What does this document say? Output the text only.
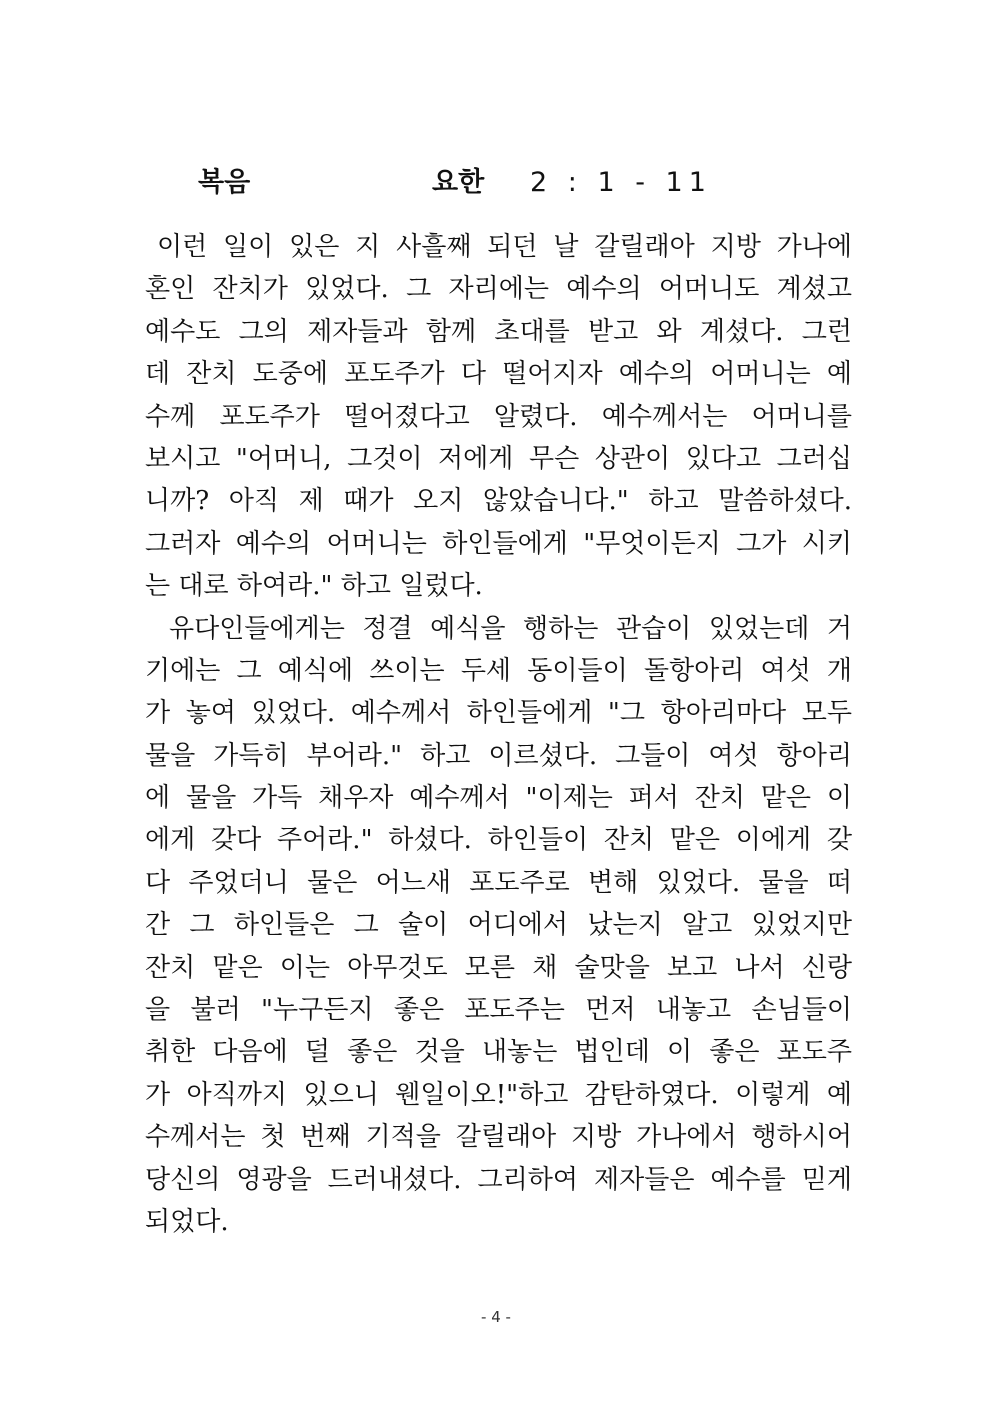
복음	요한 2 : 1 - 11
이런 일이 있은 지 사흘째 되던 날 갈릴래아 지방 가나에
혼인 잔치가 있었다. 그 자리에는 예수의 어머니도 계셨고
예수도 그의 제자들과 함께 초대를 받고 와 계셨다. 그런
데 잔치 도중에 포도주가 다 떨어지자 예수의 어머니는 예
수께 포도주가 떨어졌다고 알렸다. 예수께서는 어머니를
보시고 "어머니, 그것이 저에게 무슨 상관이 있다고 그러십
니까? 아직 제 때가 오지 않았습니다." 하고 말씀하셨다.
그러자 예수의 어머니는 하인들에게 "무엇이든지 그가 시키
는 대로 하여라." 하고 일렀다.
유다인들에게는 정결 예식을 행하는 관습이 있었는데 거
기에는 그 예식에 쓰이는 두세 동이들이 돌항아리 여섯 개
가 놓여 있었다. 예수께서 하인들에게 "그 항아리마다 모두
물을 가득히 부어라." 하고 이르셨다. 그들이 여섯 항아리
에 물을 가득 채우자 예수께서 "이제는 퍼서 잔치 맡은 이
에게 갖다 주어라." 하셨다. 하인들이 잔치 맡은 이에게 갖
다 주었더니 물은 어느새 포도주로 변해 있었다. 물을 떠
간 그 하인들은 그 술이 어디에서 났는지 알고 있었지만
잔치 맡은 이는 아무것도 모른 채 술맛을 보고 나서 신랑
을 불러 "누구든지 좋은 포도주는 먼저 내놓고 손님들이
취한 다음에 덜 좋은 것을 내놓는 법인데 이 좋은 포도주
가 아직까지 있으니 웬일이오!"하고 감탄하였다. 이렇게 예
수께서는 첫 번째 기적을 갈릴래아 지방 가나에서 행하시어
당신의 영광을 드러내셨다. 그리하여 제자들은 예수를 믿게
되었다.
- 4 -
